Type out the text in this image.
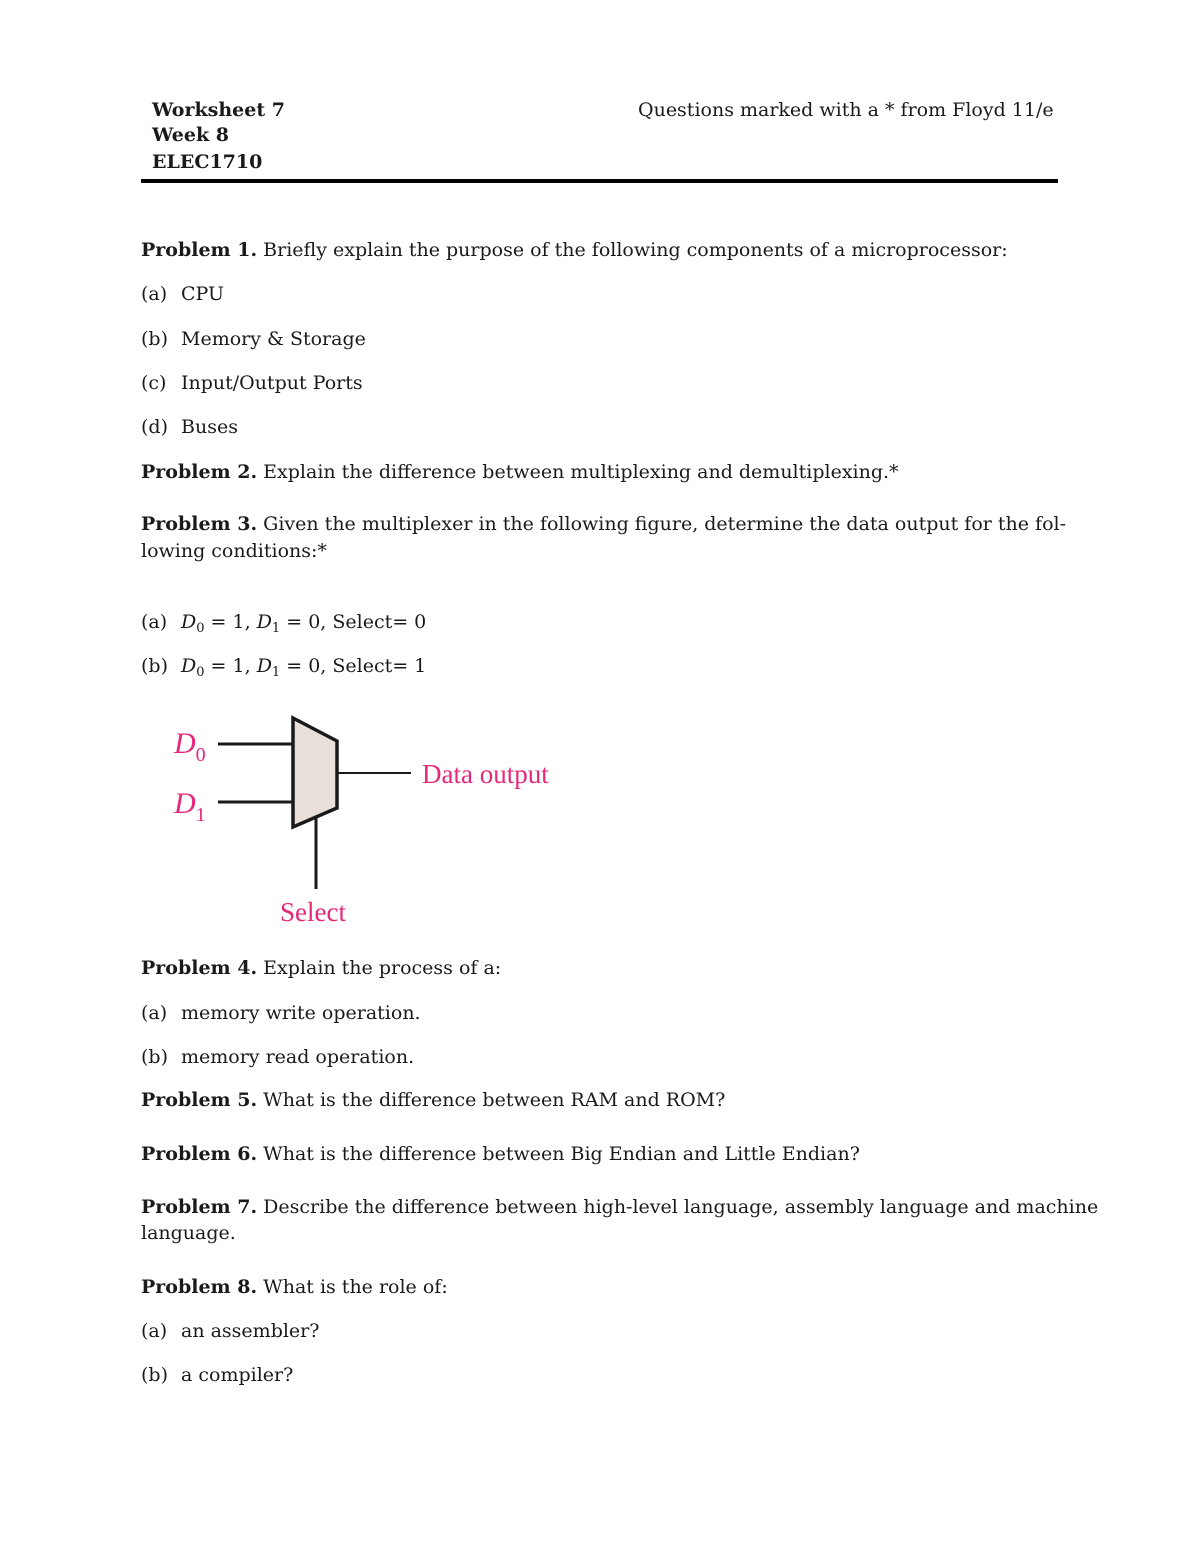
Worksheet 7
Week 8
ELEC1710
Questions marked with a * from Floyd 11/e
Problem 1. Briefly explain the purpose of the following components of a microprocessor:
(a) CPU
(b) Memory & Storage
(c) Input/Output Ports
(d) Buses
Problem 2. Explain the difference between multiplexing and demultiplexing.*
Problem 3. Given the multiplexer in the following figure, determine the data output for the fol-
lowing conditions:*
(a) $D_0 = 1$, $D_1 = 0$, Select= 0
(b) $D_0 = 1$, $D_1 = 0$, Select= 1
$D_0$
$D_1$
Data output
Select
Problem 4. Explain the process of a:
(a) memory write operation.
(b) memory read operation.
Problem 5. What is the difference between RAM and ROM?
Problem 6. What is the difference between Big Endian and Little Endian?
Problem 7. Describe the difference between high-level language, assembly language and machine
language.
Problem 8. What is the role of:
(a) an assembler?
(b) a compiler?
